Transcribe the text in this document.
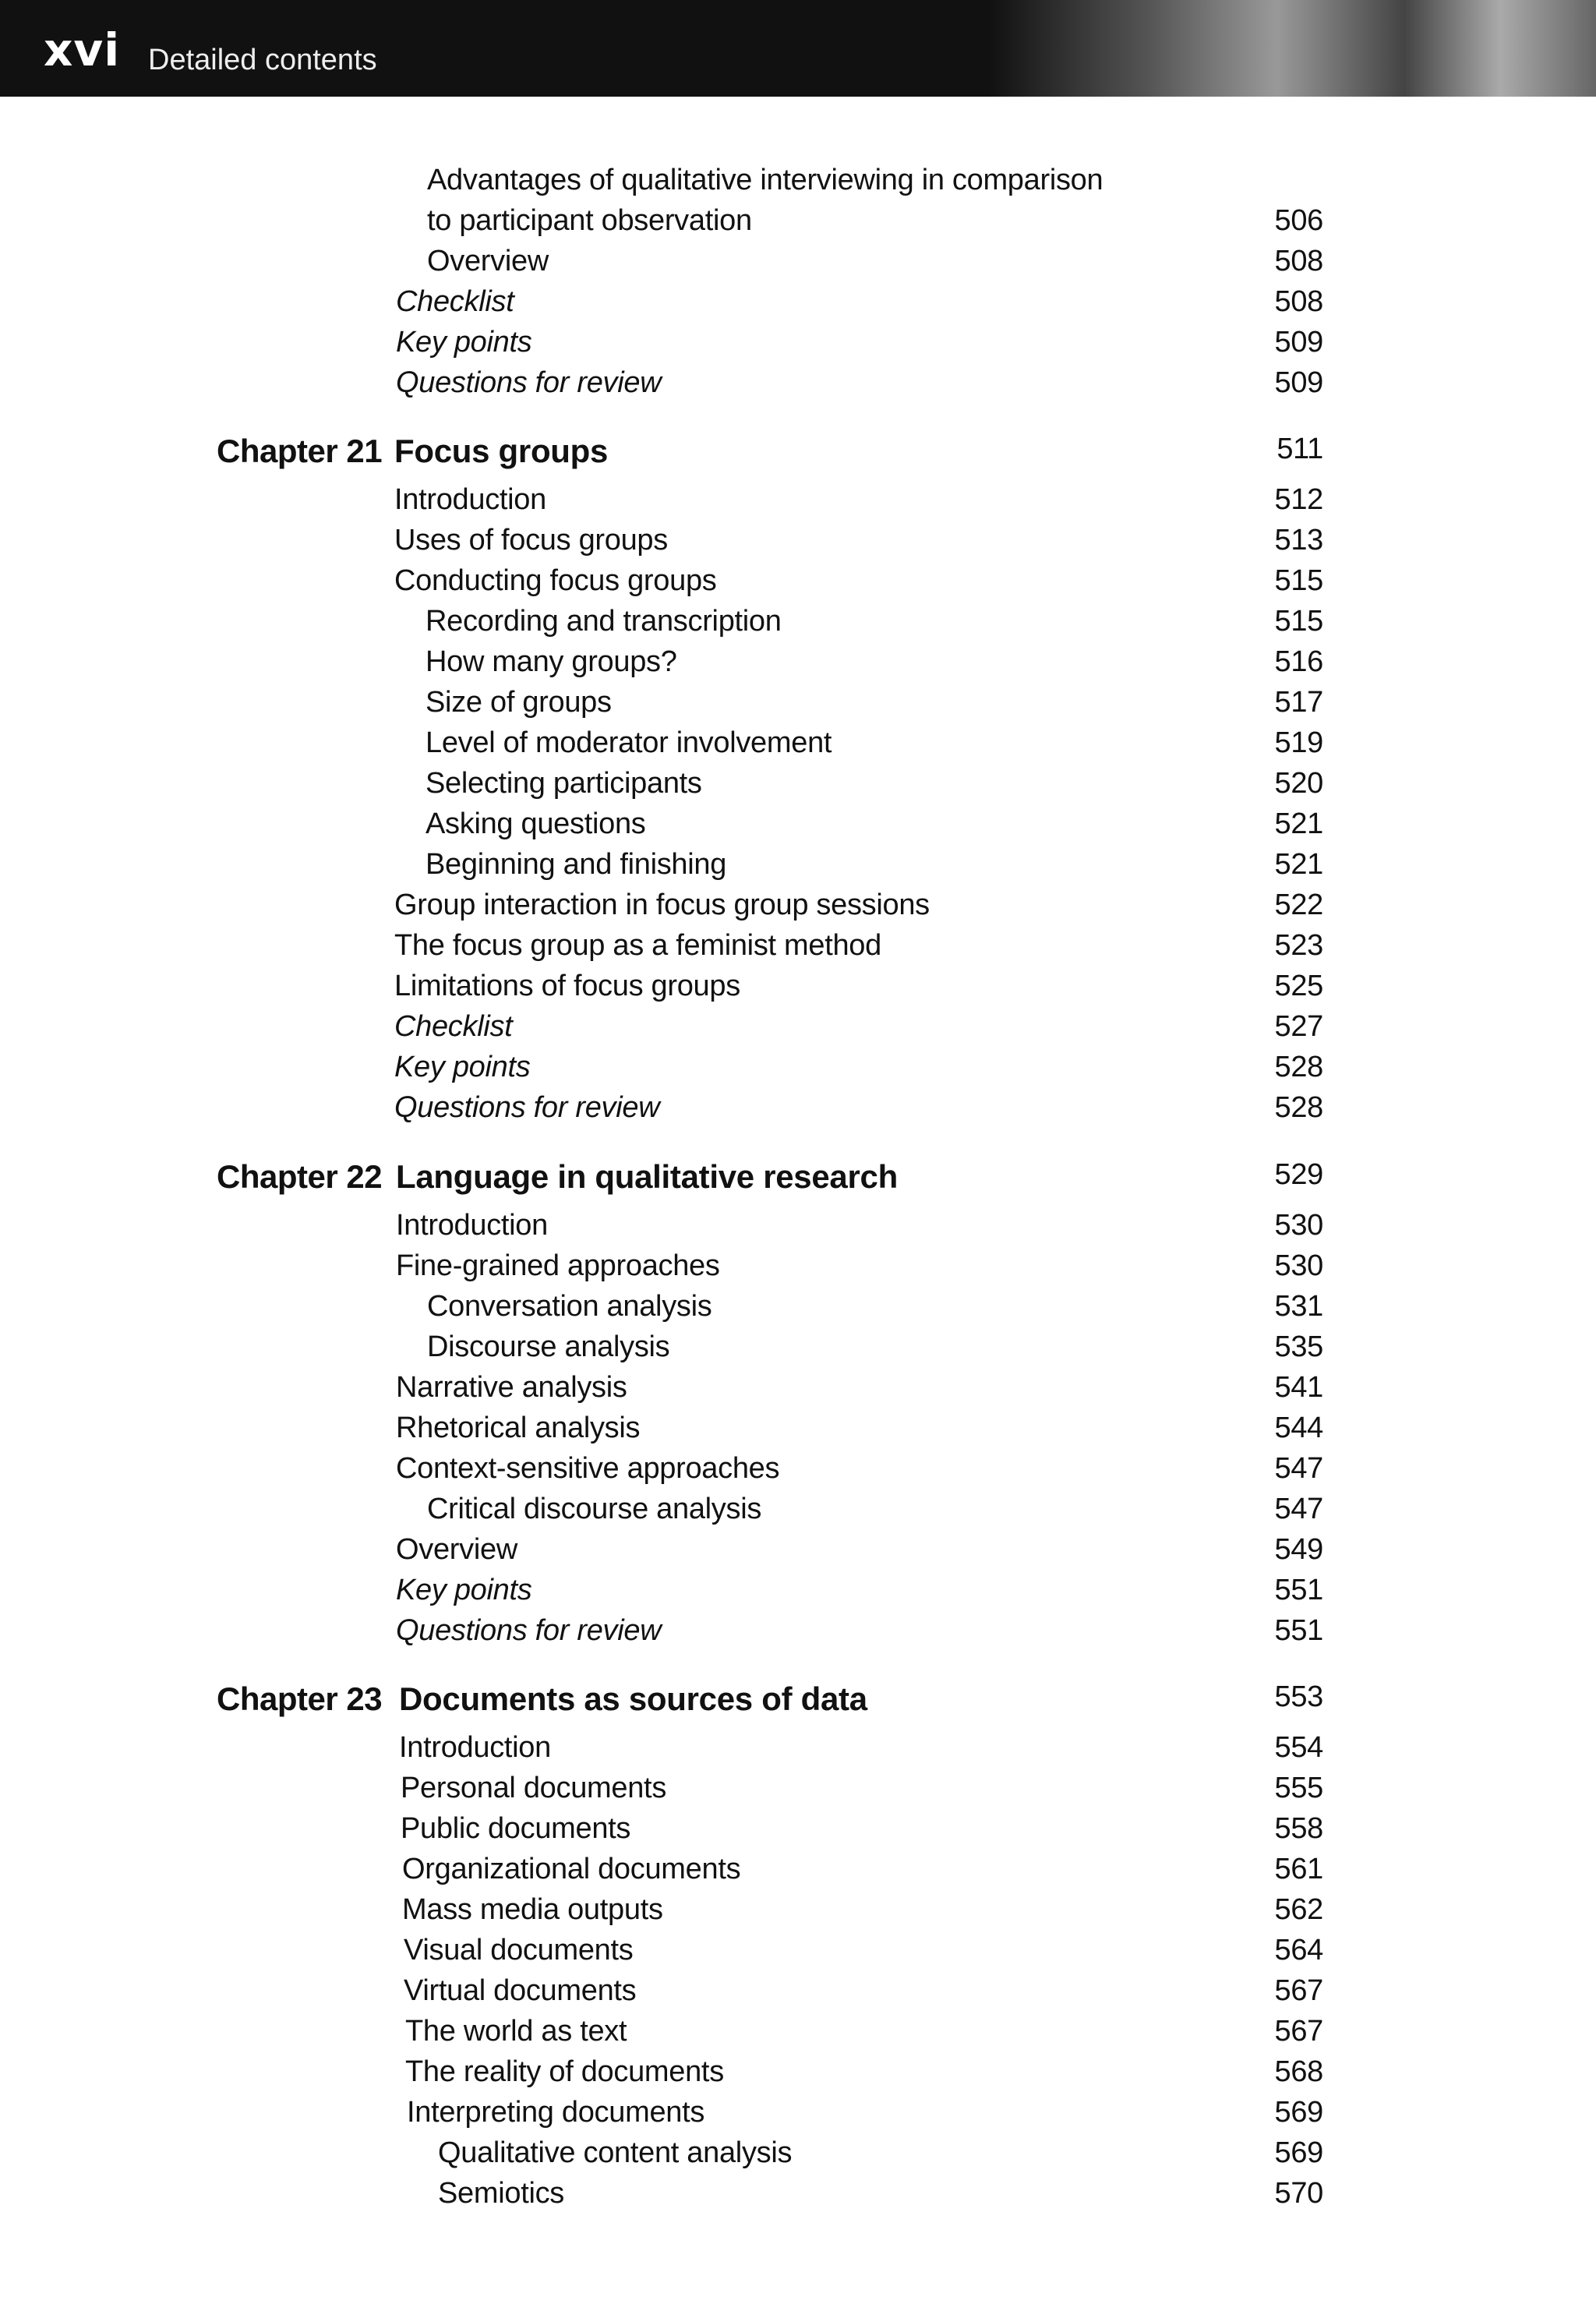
xvi Detailed contents
Advantages of qualitative interviewing in comparison
to participant observation	506
Overview	508
Checklist	508
Key points	509
Questions for review	509
Chapter 21 Focus groups	511
Introduction	512
Uses of focus groups	513
Conducting focus groups	515
Recording and transcription	515
How many groups?	516
Size of groups	517
Level of moderator involvement	519
Selecting participants	520
Asking questions	521
Beginning and finishing	521
Group interaction in focus group sessions	522
The focus group as a feminist method	523
Limitations of focus groups	525
Checklist	527
Key points	528
Questions for review	528
Chapter 22 Language in qualitative research	529
Introduction	530
Fine-grained approaches	530
Conversation analysis	531
Discourse analysis	535
Narrative analysis	541
Rhetorical analysis	544
Context-sensitive approaches	547
Critical discourse analysis	547
Overview	549
Key points	551
Questions for review	551
Chapter 23 Documents as sources of data	553
Introduction	554
Personal documents	555
Public documents	558
Organizational documents	561
Mass media outputs	562
Visual documents	564
Virtual documents	567
The world as text	567
The reality of documents	568
Interpreting documents	569
Qualitative content analysis	569
Semiotics	570
